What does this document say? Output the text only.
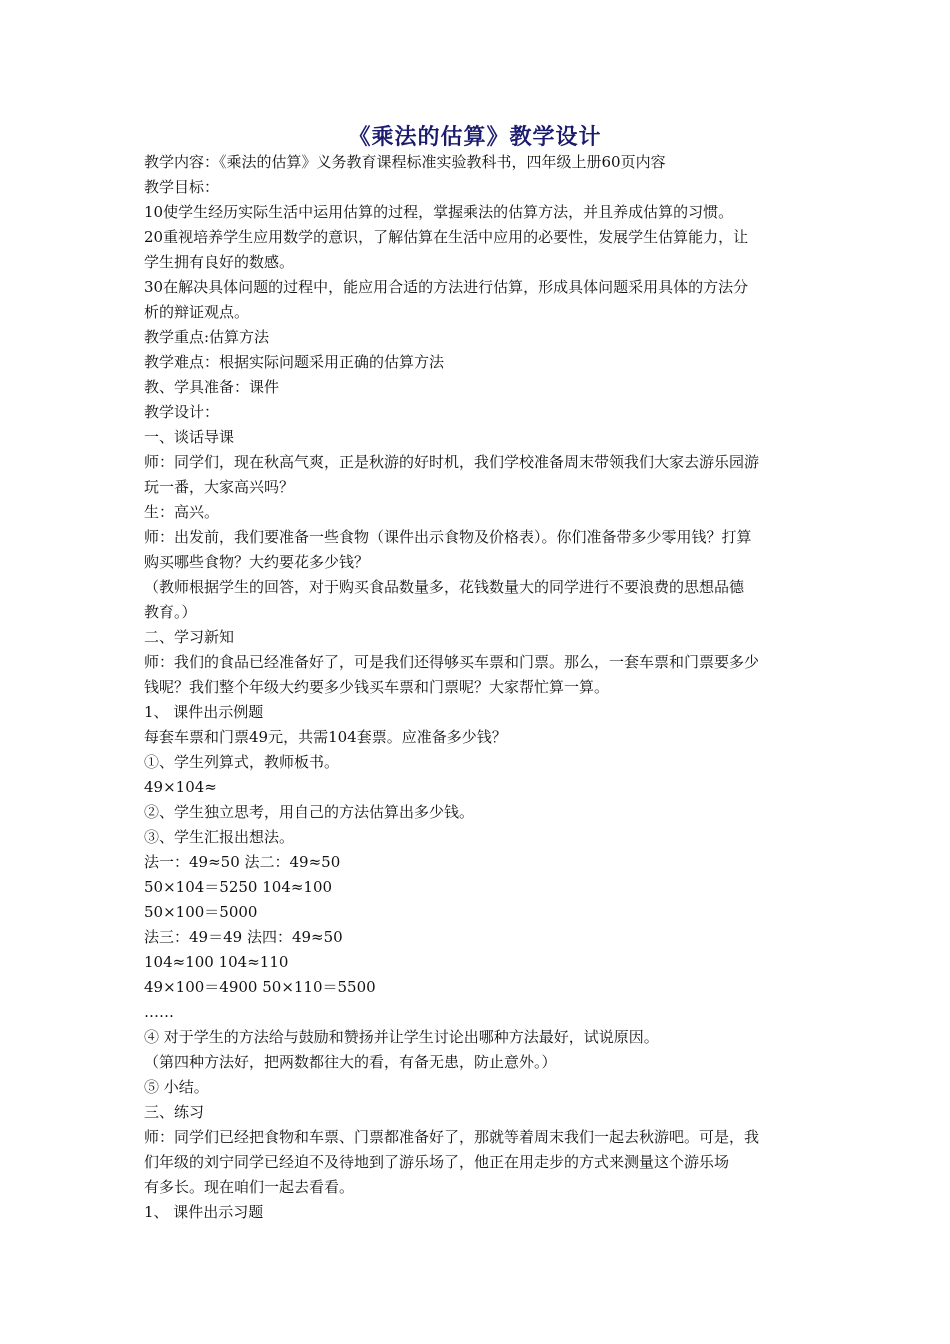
《乘法的估算》教学设计
教学内容：《乘法的估算》义务教育课程标准实验教科书，四年级上册60页内容
教学目标：
10使学生经历实际生活中运用估算的过程，掌握乘法的估算方法，并且养成估算的习惯。
20重视培养学生应用数学的意识，了解估算在生活中应用的必要性，发展学生估算能力，让
学生拥有良好的数感。
30在解决具体问题的过程中，能应用合适的方法进行估算，形成具体问题采用具体的方法分
析的辩证观点。
教学重点:估算方法
教学难点：根据实际问题采用正确的估算方法
教、学具准备：课件
教学设计：
一、谈话导课
师：同学们，现在秋高气爽，正是秋游的好时机，我们学校准备周末带领我们大家去游乐园游
玩一番，大家高兴吗？
生：高兴。
师：出发前，我们要准备一些食物（课件出示食物及价格表）。你们准备带多少零用钱？打算
购买哪些食物？大约要花多少钱？
（教师根据学生的回答，对于购买食品数量多，花钱数量大的同学进行不要浪费的思想品德
教育。）
二、学习新知
师：我们的食品已经准备好了，可是我们还得够买车票和门票。那么，一套车票和门票要多少
钱呢？我们整个年级大约要多少钱买车票和门票呢？大家帮忙算一算。
1、 课件出示例题
每套车票和门票49元，共需104套票。应准备多少钱？
①、学生列算式，教师板书。
49×104≈
②、学生独立思考，用自己的方法估算出多少钱。
③、学生汇报出想法。
法一：49≈50 法二：49≈50
50×104＝5250 104≈100
50×100＝5000
法三：49＝49 法四：49≈50
104≈100 104≈110
49×100＝4900 50×110＝5500
……
④ 对于学生的方法给与鼓励和赞扬并让学生讨论出哪种方法最好，试说原因。
（第四种方法好，把两数都往大的看，有备无患，防止意外。）
⑤ 小结。
三、练习
师：同学们已经把食物和车票、门票都准备好了，那就等着周末我们一起去秋游吧。可是，我
们年级的刘宁同学已经迫不及待地到了游乐场了，他正在用走步的方式来测量这个游乐场
有多长。现在咱们一起去看看。
1、 课件出示习题
